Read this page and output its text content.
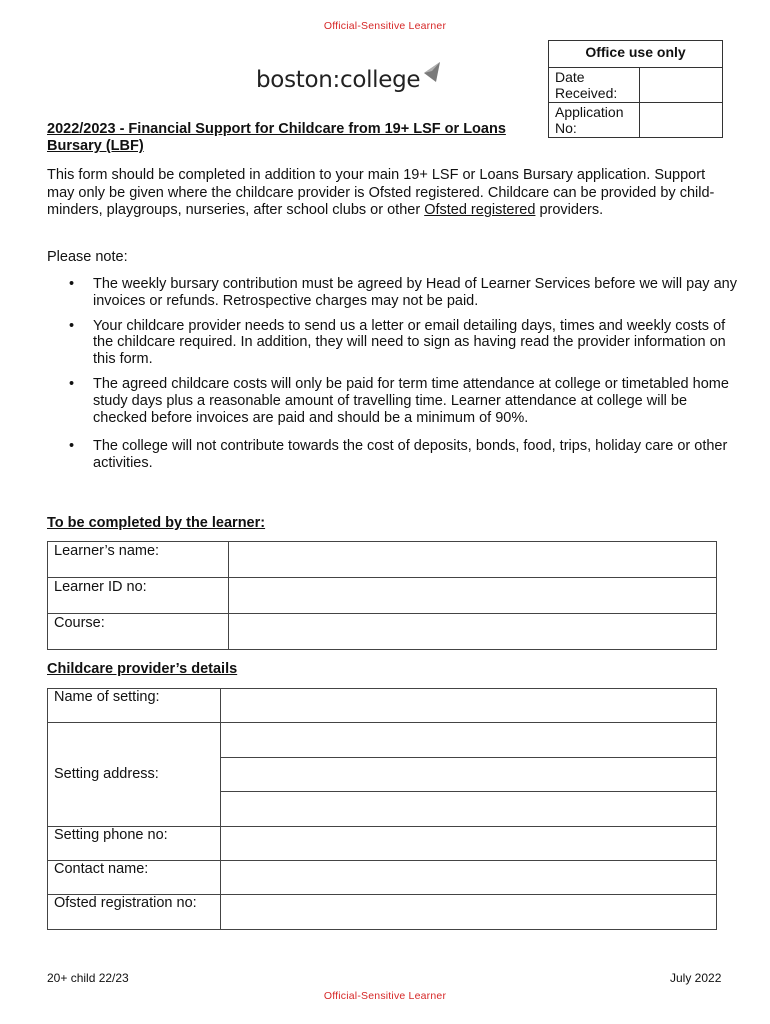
Official-Sensitive Learner
boston:college
Office use only	
Date Received:	
Application No:	
2022/2023 - Financial Support for Childcare from 19+ LSF or Loans Bursary (LBF)
This form should be completed in addition to your main 19+ LSF or Loans Bursary application. Support may only be given where the childcare provider is Ofsted registered. Childcare can be provided by child-minders, playgroups, nurseries, after school clubs or other Ofsted registered providers.
Please note:
• The weekly bursary contribution must be agreed by Head of Learner Services before we will pay any invoices or refunds. Retrospective charges may not be paid.
• Your childcare provider needs to send us a letter or email detailing days, times and weekly costs of the childcare required. In addition, they will need to sign as having read the provider information on this form.
• The agreed childcare costs will only be paid for term time attendance at college or timetabled home study days plus a reasonable amount of travelling time. Learner attendance at college will be checked before invoices are paid and should be a minimum of 90%.
• The college will not contribute towards the cost of deposits, bonds, food, trips, holiday care or other activities.
To be completed by the learner:
Learner’s name:	
Learner ID no:	
Course:	
Childcare provider’s details
Name of setting:	
Setting address:	

Setting phone no:	
Contact name:	
Ofsted registration no:	
20+ child 22/23	July 2022
Official-Sensitive Learner
